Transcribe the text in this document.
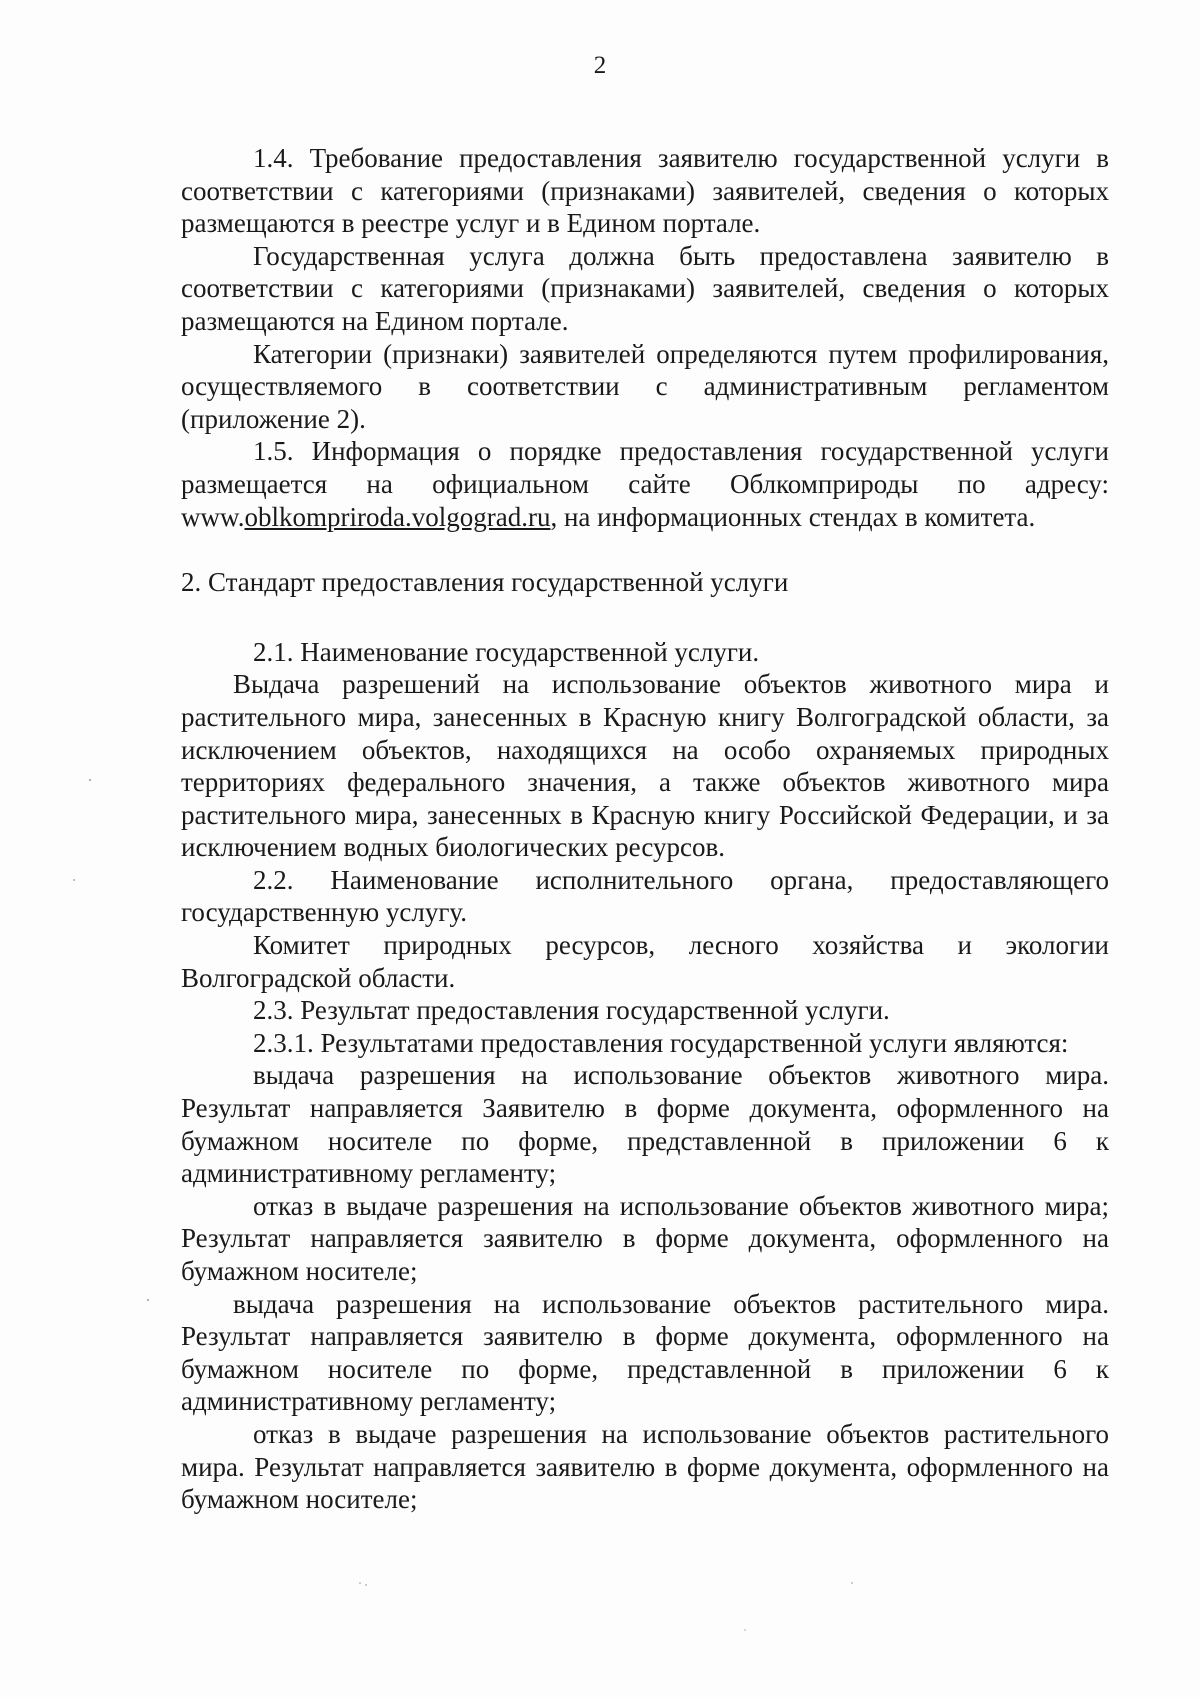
2

1.4. Требование предоставления заявителю государственной услуги в соответствии с категориями (признаками) заявителей, сведения о которых размещаются в реестре услуг и в Едином портале.

Государственная услуга должна быть предоставлена заявителю в соответствии с категориями (признаками) заявителей, сведения о которых размещаются на Едином портале.

Категории (признаки) заявителей определяются путем профилирования, осуществляемого в соответствии с административным регламентом (приложение 2).

1.5. Информация о порядке предоставления государственной услуги размещается на официальном сайте Облкомприроды по адресу: www.oblkompriroda.volgograd.ru, на информационных стендах в комитета.

2. Стандарт предоставления государственной услуги

2.1. Наименование государственной услуги.

Выдача разрешений на использование объектов животного мира и растительного мира, занесенных в Красную книгу Волгоградской области, за исключением объектов, находящихся на особо охраняемых природных территориях федерального значения, а также объектов животного мира растительного мира, занесенных в Красную книгу Российской Федерации, и за исключением водных биологических ресурсов.

2.2. Наименование исполнительного органа, предоставляющего государственную услугу.

Комитет природных ресурсов, лесного хозяйства и экологии Волгоградской области.

2.3. Результат предоставления государственной услуги.

2.3.1. Результатами предоставления государственной услуги являются:

выдача разрешения на использование объектов животного мира. Результат направляется Заявителю в форме документа, оформленного на бумажном носителе по форме, представленной в приложении 6 к административному регламенту;

отказ в выдаче разрешения на использование объектов животного мира; Результат направляется заявителю в форме документа, оформленного на бумажном носителе;

выдача разрешения на использование объектов растительного мира. Результат направляется заявителю в форме документа, оформленного на бумажном носителе по форме, представленной в приложении 6 к административному регламенту;

отказ в выдаче разрешения на использование объектов растительного мира. Результат направляется заявителю в форме документа, оформленного на бумажном носителе;
